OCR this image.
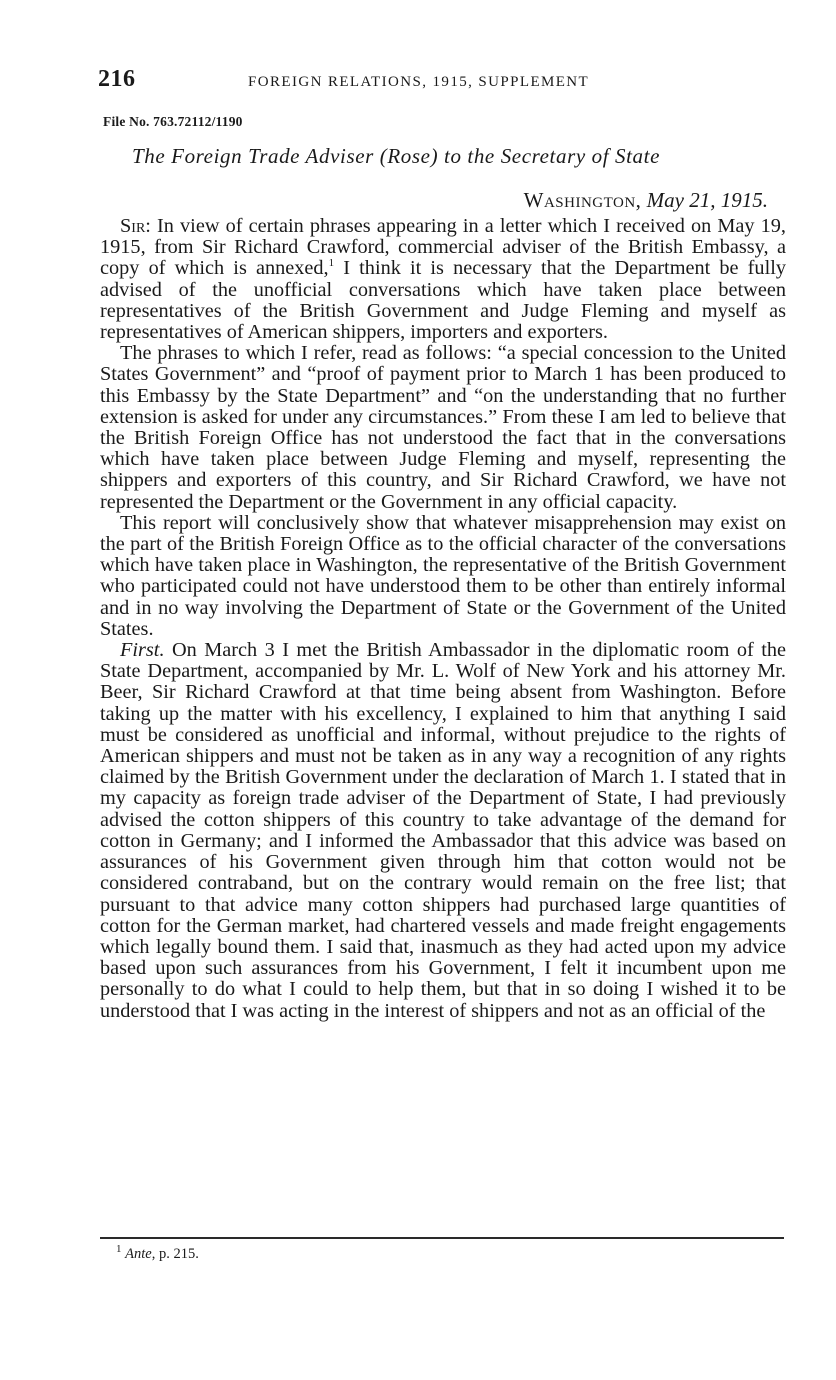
216	FOREIGN RELATIONS, 1915, SUPPLEMENT
File No. 763.72112/1190
The Foreign Trade Adviser (Rose) to the Secretary of State
Washington, May 21, 1915.

Sir: In view of certain phrases appearing in a letter which I received on May 19, 1915, from Sir Richard Crawford, commercial adviser of the British Embassy, a copy of which is annexed,$^1$ I think it is necessary that the Department be fully advised of the unofficial conversations which have taken place between representatives of the British Government and Judge Fleming and myself as representatives of American shippers, importers and exporters.

The phrases to which I refer, read as follows: “a special concession to the United States Government” and “proof of payment prior to March 1 has been produced to this Embassy by the State Department” and “on the understanding that no further extension is asked for under any circumstances.” From these I am led to believe that the British Foreign Office has not understood the fact that in the conversations which have taken place between Judge Fleming and myself, representing the shippers and exporters of this country, and Sir Richard Crawford, we have not represented the Department or the Government in any official capacity.

This report will conclusively show that whatever misapprehension may exist on the part of the British Foreign Office as to the official character of the conversations which have taken place in Washington, the representative of the British Government who participated could not have understood them to be other than entirely informal and in no way involving the Department of State or the Government of the United States.

First. On March 3 I met the British Ambassador in the diplomatic room of the State Department, accompanied by Mr. L. Wolf of New York and his attorney Mr. Beer, Sir Richard Crawford at that time being absent from Washington. Before taking up the matter with his excellency, I explained to him that anything I said must be considered as unofficial and informal, without prejudice to the rights of American shippers and must not be taken as in any way a recognition of any rights claimed by the British Government under the declaration of March 1. I stated that in my capacity as foreign trade adviser of the Department of State, I had previously advised the cotton shippers of this country to take advantage of the demand for cotton in Germany; and I informed the Ambassador that this advice was based on assurances of his Government given through him that cotton would not be considered contraband, but on the contrary would remain on the free list; that pursuant to that advice many cotton shippers had purchased large quantities of cotton for the German market, had chartered vessels and made freight engagements which legally bound them. I said that, inasmuch as they had acted upon my advice based upon such assurances from his Government, I felt it incumbent upon me personally to do what I could to help them, but that in so doing I wished it to be understood that I was acting in the interest of shippers and not as an official of the

$^1$ Ante, p. 215.
